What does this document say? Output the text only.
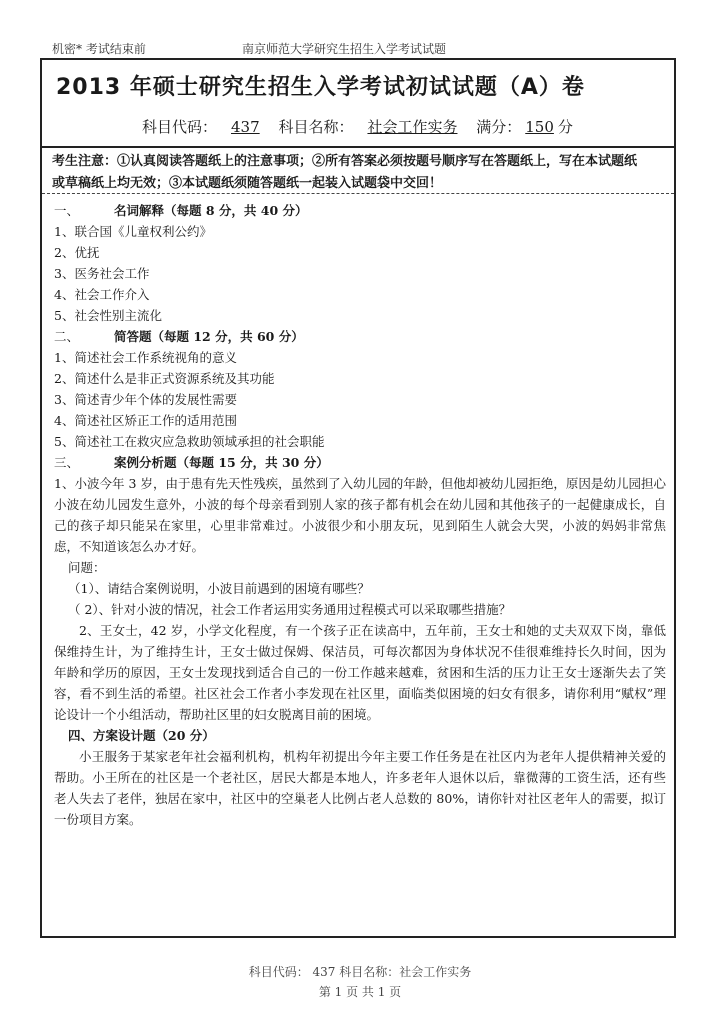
机密* 考试结束前	南京师范大学研究生招生入学考试试题
2013 年硕士研究生招生入学考试初试试题（A）卷
科目代码： 437 科目名称： 社会工作实务 满分： 150 分

考生注意：①认真阅读答题纸上的注意事项；②所有答案必须按题号顺序写在答题纸上，写在本试题纸

或草稿纸上均无效；③本试题纸须随答题纸一起装入试题袋中交回！

一、	名词解释（每题 8 分，共 40 分）

1、联合国《儿童权利公约》

2、优抚

3、医务社会工作

4、社会工作介入

5、社会性别主流化

二、	简答题（每题 12 分，共 60 分）

1、简述社会工作系统视角的意义

2、简述什么是非正式资源系统及其功能

3、简述青少年个体的发展性需要

4、简述社区矫正工作的适用范围

5、简述社工在救灾应急救助领域承担的社会职能

三、	案例分析题（每题 15 分，共 30 分）

1、小波今年 3 岁，由于患有先天性残疾，虽然到了入幼儿园的年龄，但他却被幼儿园拒绝，原因是幼儿园担心小波在幼儿园发生意外，小波的每个母亲看到别人家的孩子都有机会在幼儿园和其他孩子的一起健康成长，自己的孩子却只能呆在家里，心里非常难过。小波很少和小朋友玩，见到陌生人就会大哭，小波的妈妈非常焦虑，不知道该怎么办才好。

问题：

（1）、请结合案例说明，小波目前遇到的困境有哪些？

（ 2）、针对小波的情况，社会工作者运用实务通用过程模式可以采取哪些措施？

2、王女士，42 岁，小学文化程度，有一个孩子正在读高中，五年前，王女士和她的丈夫双双下岗，靠低保维持生计，为了维持生计，王女士做过保姆、保洁员，可每次都因为身体状况不佳很难维持长久时间，因为年龄和学历的原因，王女士发现找到适合自己的一份工作越来越难，贫困和生活的压力让王女士逐渐失去了笑容，看不到生活的希望。社区社会工作者小李发现在社区里，面临类似困境的妇女有很多，请你利用“赋权”理论设计一个小组活动，帮助社区里的妇女脱离目前的困境。

四、方案设计题（20 分）

小王服务于某家老年社会福利机构，机构年初提出今年主要工作任务是在社区内为老年人提供精神关爱的帮助。小王所在的社区是一个老社区，居民大都是本地人，许多老年人退休以后，靠微薄的工资生活，还有些老人失去了老伴，独居在家中，社区中的空巢老人比例占老人总数的 80%，请你针对社区老年人的需要，拟订一份项目方案。

科目代码： 437 科目名称：社会工作实务
第 1 页 共 1 页
